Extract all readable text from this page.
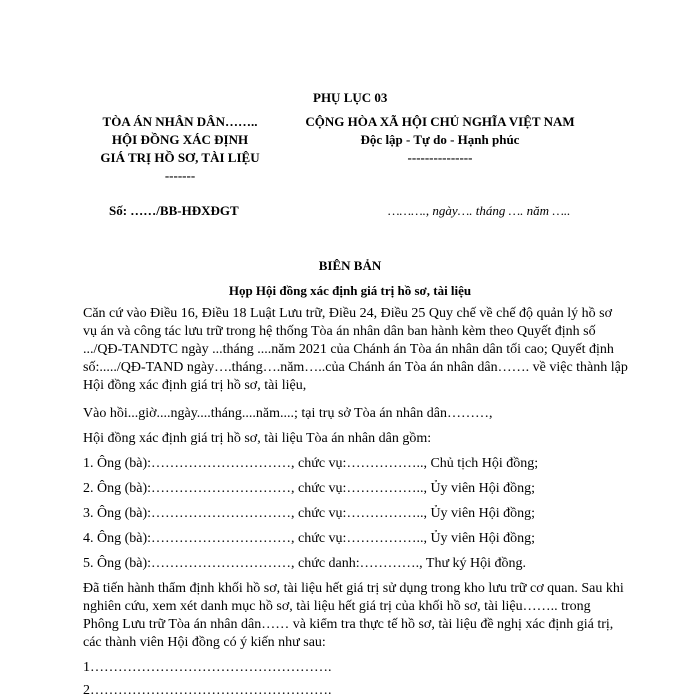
PHỤ LỤC 03
TÒA ÁN NHÂN DÂN……..
HỘI ĐỒNG XÁC ĐỊNH
GIÁ TRỊ HỒ SƠ, TÀI LIỆU
-------
Số: ……/BB-HĐXĐGT
CỘNG HÒA XÃ HỘI CHỦ NGHĨA VIỆT NAM
Độc lập - Tự do - Hạnh phúc
---------------
………., ngày…. tháng …. năm …..
BIÊN BẢN
Họp Hội đồng xác định giá trị hồ sơ, tài liệu
Căn cứ vào Điều 16, Điều 18 Luật Lưu trữ, Điều 24, Điều 25 Quy chế về chế độ quản lý hồ sơ
vụ án và công tác lưu trữ trong hệ thống Tòa án nhân dân ban hành kèm theo Quyết định số
.../QĐ-TANDTC ngày ...tháng ....năm 2021 của Chánh án Tòa án nhân dân tối cao; Quyết định
số:...../QĐ-TAND ngày….tháng….năm…..của Chánh án Tòa án nhân dân……. về việc thành lập
Hội đồng xác định giá trị hồ sơ, tài liệu,
Vào hồi...giờ....ngày....tháng....năm....; tại trụ sở Tòa án nhân dân………,
Hội đồng xác định giá trị hồ sơ, tài liệu Tòa án nhân dân gồm:
1. Ông (bà):…………………………, chức vụ:…………….., Chủ tịch Hội đồng;
2. Ông (bà):…………………………, chức vụ:…………….., Ủy viên Hội đồng;
3. Ông (bà):…………………………, chức vụ:…………….., Ủy viên Hội đồng;
4. Ông (bà):…………………………, chức vụ:…………….., Ủy viên Hội đồng;
5. Ông (bà):…………………………, chức danh:…………., Thư ký Hội đồng.
Đã tiến hành thẩm định khối hồ sơ, tài liệu hết giá trị sử dụng trong kho lưu trữ cơ quan. Sau khi
nghiên cứu, xem xét danh mục hồ sơ, tài liệu hết giá trị của khối hồ sơ, tài liệu…….. trong
Phông Lưu trữ Tòa án nhân dân…… và kiểm tra thực tế hồ sơ, tài liệu đề nghị xác định giá trị,
các thành viên Hội đồng có ý kiến như sau:
1…………………………………………….
2…………………………………………….
